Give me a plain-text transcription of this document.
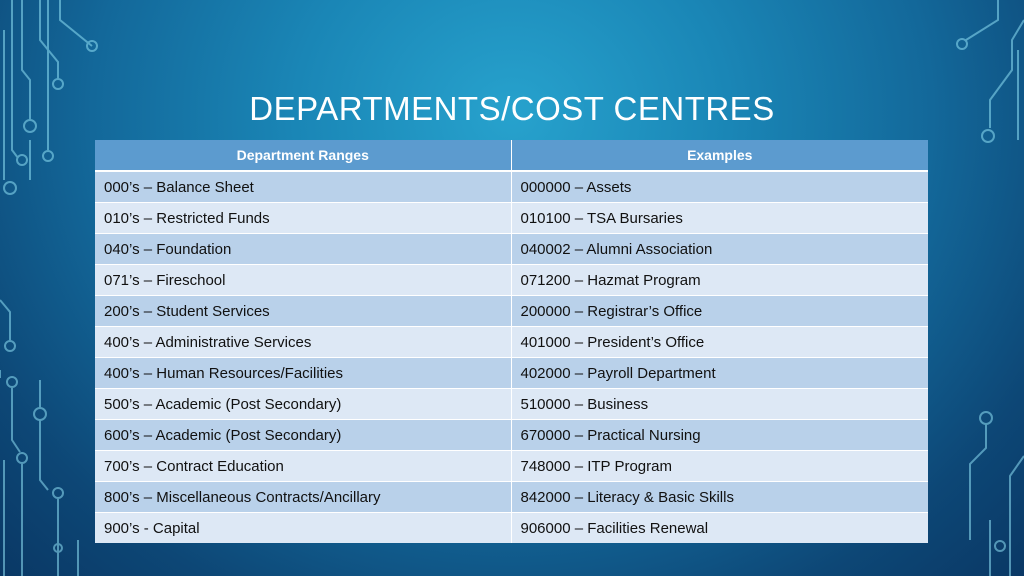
DEPARTMENTS/COST CENTRES
Department Ranges	Examples
000’s – Balance Sheet	000000 – Assets
010’s – Restricted Funds	010100 – TSA Bursaries
040’s – Foundation	040002 – Alumni Association
071’s – Fireschool	071200 – Hazmat Program
200’s – Student Services	200000 – Registrar’s Office
400’s – Administrative Services	401000 – President’s Office
400’s – Human Resources/Facilities	402000 – Payroll Department
500’s – Academic (Post Secondary)	510000 – Business
600’s – Academic (Post Secondary)	670000 – Practical Nursing
700’s – Contract Education	748000 – ITP Program
800’s – Miscellaneous Contracts/Ancillary	842000 – Literacy & Basic Skills
900’s - Capital	906000 – Facilities Renewal
